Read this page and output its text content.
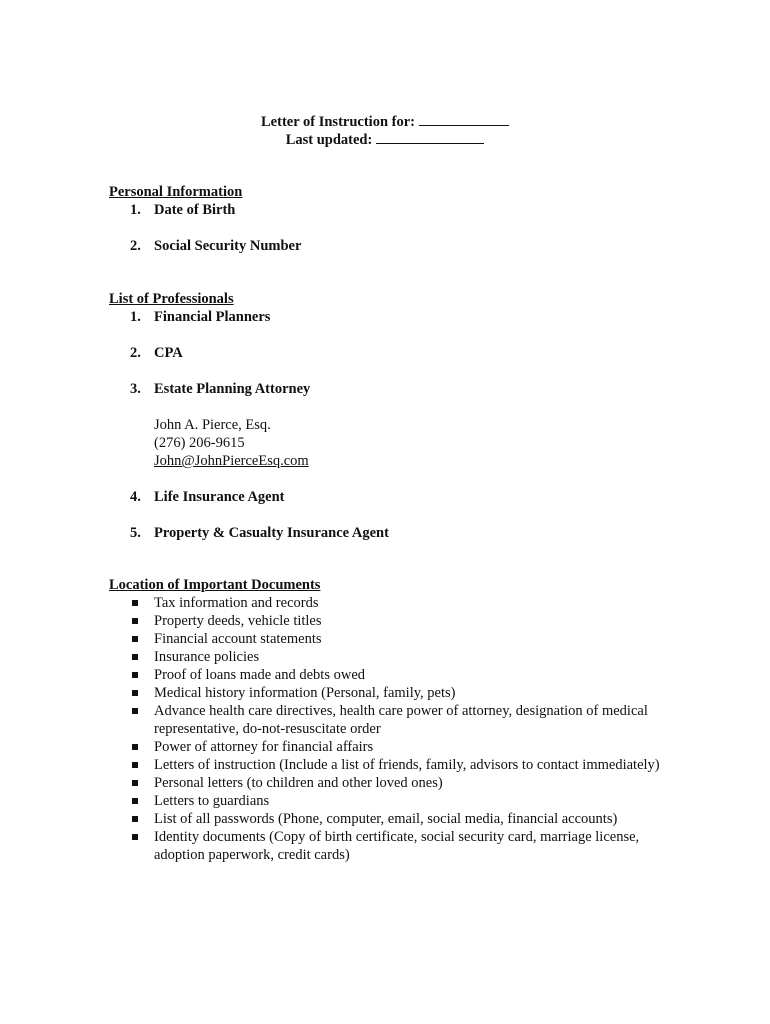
Letter of Instruction for:
Last updated:
Personal Information
1. Date of Birth
2. Social Security Number
List of Professionals
1. Financial Planners
2. CPA
3. Estate Planning Attorney
John A. Pierce, Esq.
(276) 206-9615
John@JohnPierceEsq.com
4. Life Insurance Agent
5. Property & Casualty Insurance Agent
Location of Important Documents
Tax information and records
Property deeds, vehicle titles
Financial account statements
Insurance policies
Proof of loans made and debts owed
Medical history information (Personal, family, pets)
Advance health care directives, health care power of attorney, designation of medical representative, do-not-resuscitate order
Power of attorney for financial affairs
Letters of instruction (Include a list of friends, family, advisors to contact immediately)
Personal letters (to children and other loved ones)
Letters to guardians
List of all passwords (Phone, computer, email, social media, financial accounts)
Identity documents (Copy of birth certificate, social security card, marriage license, adoption paperwork, credit cards)
